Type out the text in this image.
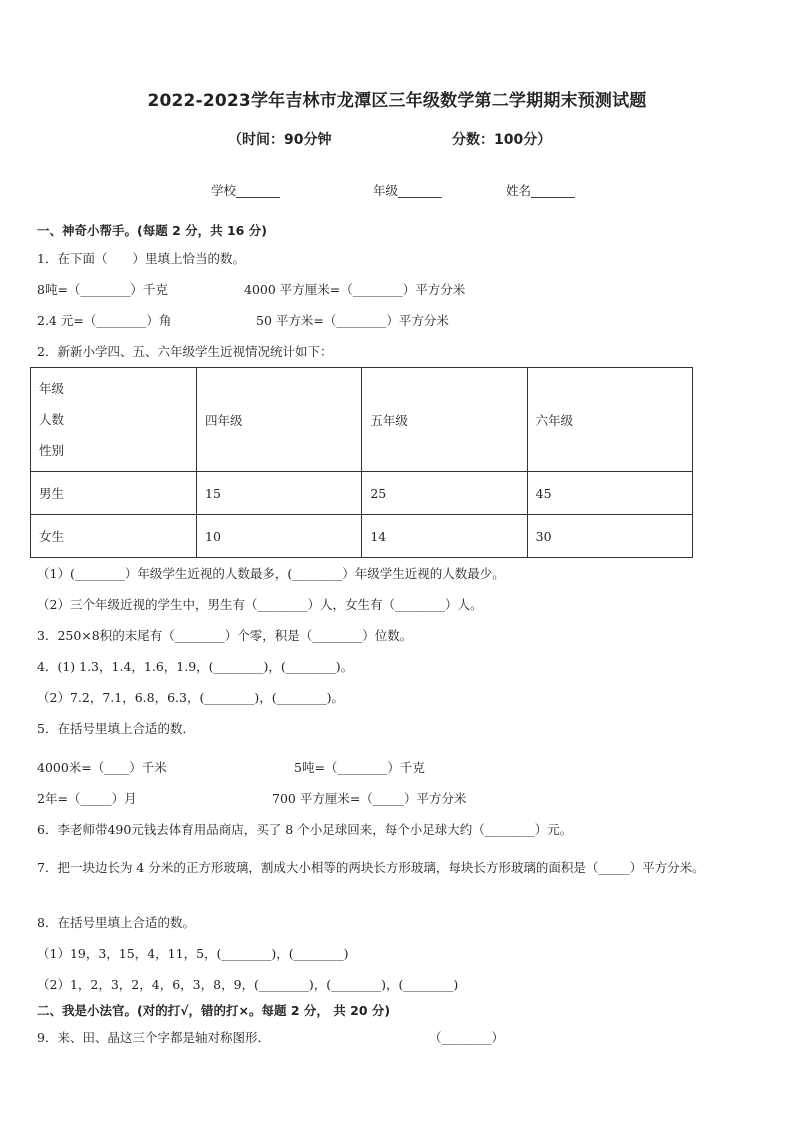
2022-2023学年吉林市龙潭区三年级数学第二学期期末预测试题
（时间：90分钟	分数：100分）
学校_______	年级_______	姓名_______
一、神奇小帮手。(每题 2 分，共 16 分)
1．在下面（　　）里填上恰当的数。
8吨=（________）千克	4000 平方厘米=（________）平方分米
2.4 元=（________）角	50 平方米=（________）平方分米
2．新新小学四、五、六年级学生近视情况统计如下：
年级
人数
性别	四年级	五年级	六年级
男生	15	25	45
女生	10	14	30
（1）(________）年级学生近视的人数最多，(________）年级学生近视的人数最少。
（2）三个年级近视的学生中，男生有（________）人，女生有（________）人。
3．250×8积的末尾有（________）个零，积是（________）位数。
4．(1) 1.3，1.4，1.6，1.9，(________)，(________)。
（2）7.2，7.1，6.8，6.3，(________)，(________)。
5．在括号里填上合适的数．
4000米=（____）千米	5吨=（________）千克
2年=（_____）月	700 平方厘米=（_____）平方分米
6．李老师带490元钱去体育用品商店，买了 8 个小足球回来，每个小足球大约（________）元。
7．把一块边长为 4 分米的正方形玻璃，割成大小相等的两块长方形玻璃，每块长方形玻璃的面积是（_____）平方分米。
8．在括号里填上合适的数。
（1）19，3，15，4，11，5，(________)，(________)
（2）1，2，3，2，4，6，3，8，9，(________)，(________)，(________)
二、我是小法官。(对的打√，错的打×。每题 2 分， 共 20 分)
9．来、田、晶这三个字都是轴对称图形．	（________）
